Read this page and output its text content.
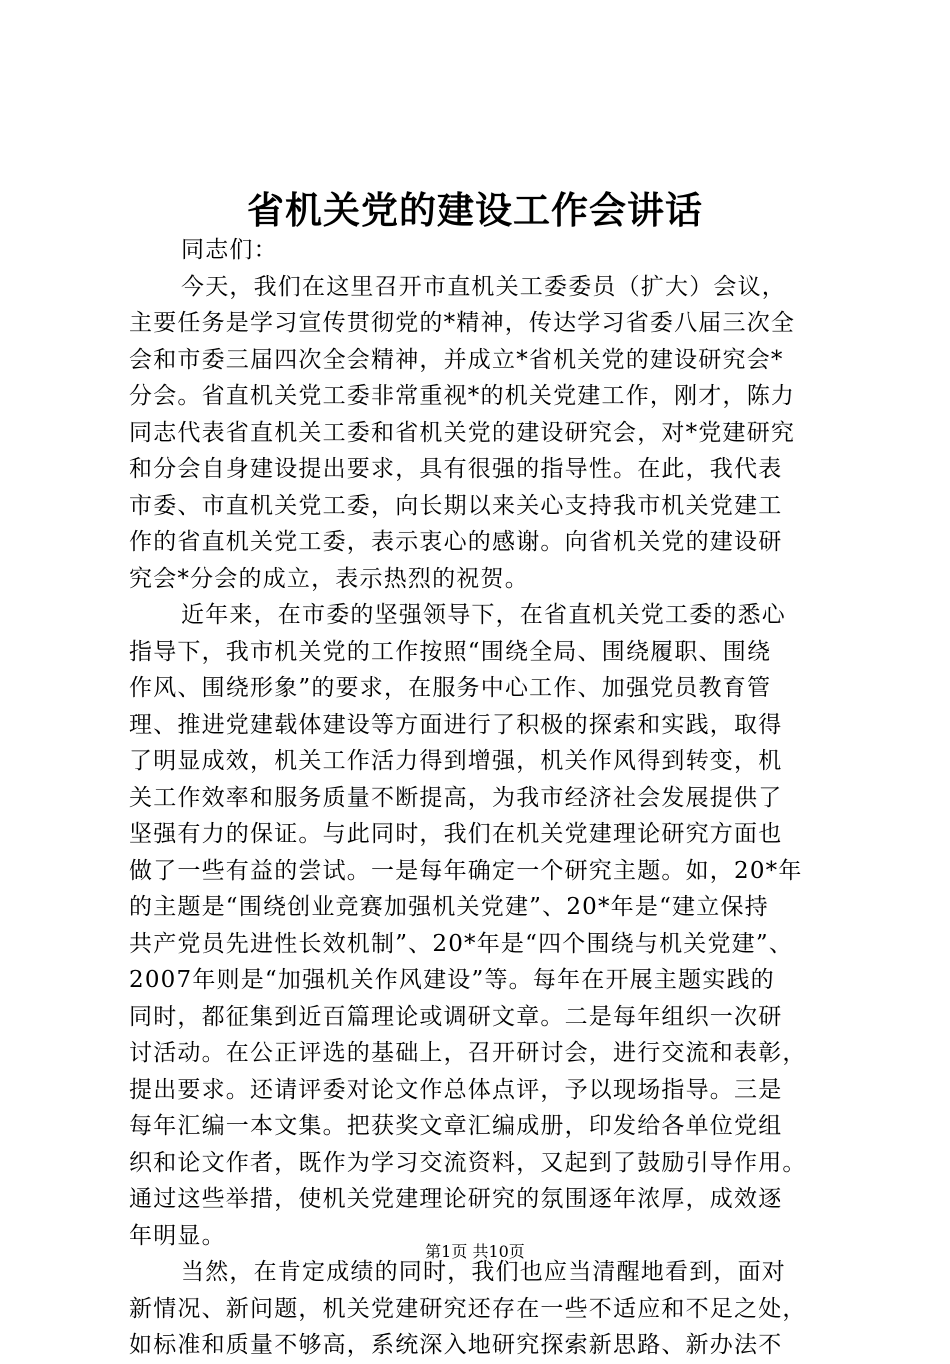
省机关党的建设工作会讲话
同志们：
今天，我们在这里召开市直机关工委委员（扩大）会议，
主要任务是学习宣传贯彻党的*精神，传达学习省委八届三次全
会和市委三届四次全会精神，并成立*省机关党的建设研究会*
分会。省直机关党工委非常重视*的机关党建工作，刚才，陈力
同志代表省直机关工委和省机关党的建设研究会，对*党建研究
和分会自身建设提出要求，具有很强的指导性。在此，我代表
市委、市直机关党工委，向长期以来关心支持我市机关党建工
作的省直机关党工委，表示衷心的感谢。向省机关党的建设研
究会*分会的成立，表示热烈的祝贺。
近年来，在市委的坚强领导下，在省直机关党工委的悉心
指导下，我市机关党的工作按照“围绕全局、围绕履职、围绕
作风、围绕形象”的要求，在服务中心工作、加强党员教育管
理、推进党建载体建设等方面进行了积极的探索和实践，取得
了明显成效，机关工作活力得到增强，机关作风得到转变，机
关工作效率和服务质量不断提高，为我市经济社会发展提供了
坚强有力的保证。与此同时，我们在机关党建理论研究方面也
做了一些有益的尝试。一是每年确定一个研究主题。如，20*年
的主题是“围绕创业竞赛加强机关党建”、20*年是“建立保持
共产党员先进性长效机制”、20*年是“四个围绕与机关党建”、
2007年则是“加强机关作风建设”等。每年在开展主题实践的
同时，都征集到近百篇理论或调研文章。二是每年组织一次研
讨活动。在公正评选的基础上，召开研讨会，进行交流和表彰，
提出要求。还请评委对论文作总体点评，予以现场指导。三是
每年汇编一本文集。把获奖文章汇编成册，印发给各单位党组
织和论文作者，既作为学习交流资料，又起到了鼓励引导作用。
通过这些举措，使机关党建理论研究的氛围逐年浓厚，成效逐
年明显。
当然，在肯定成绩的同时，我们也应当清醒地看到，面对
新情况、新问题，机关党建研究还存在一些不适应和不足之处，
如标准和质量不够高，系统深入地研究探索新思路、新办法不
第1页 共10页
